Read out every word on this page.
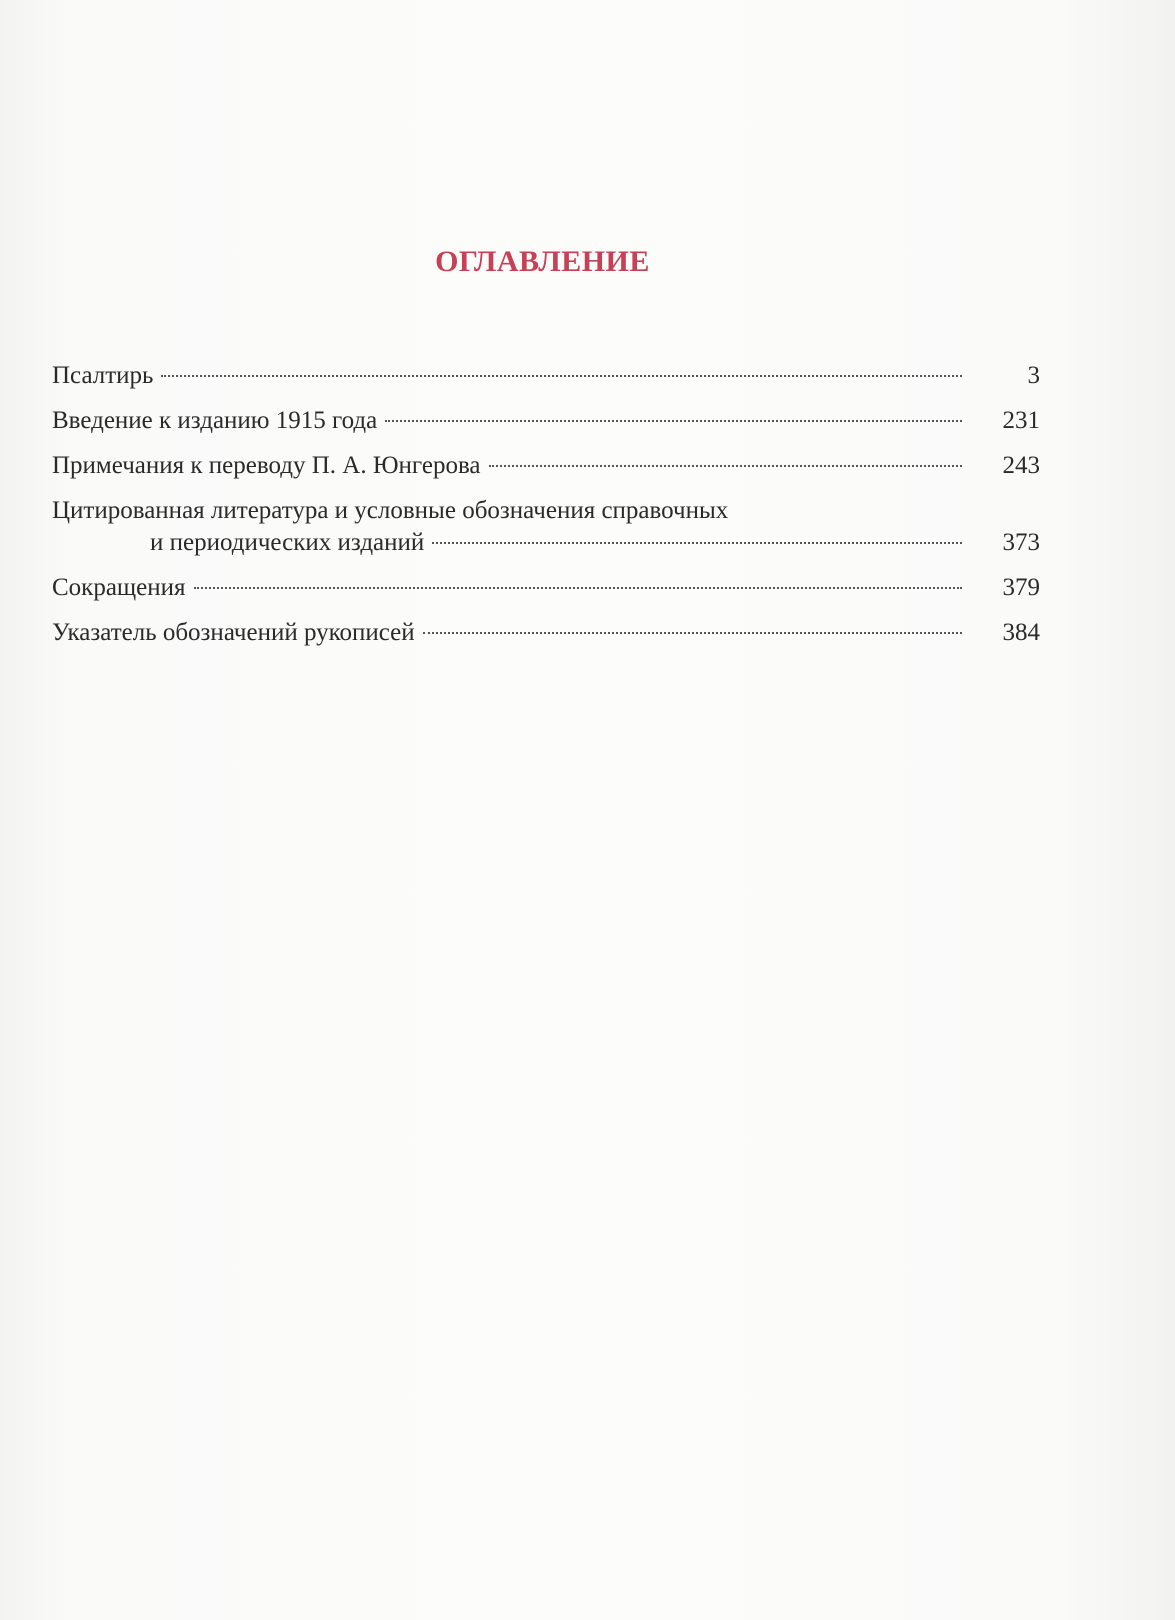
ОГЛАВЛЕНИЕ
Псалтирь	3
Введение к изданию 1915 года	231
Примечания к переводу П. А. Юнгерова	243
Цитированная литература и условные обозначения справочных
и периодических изданий	373
Сокращения	379
Указатель обозначений рукописей	384
